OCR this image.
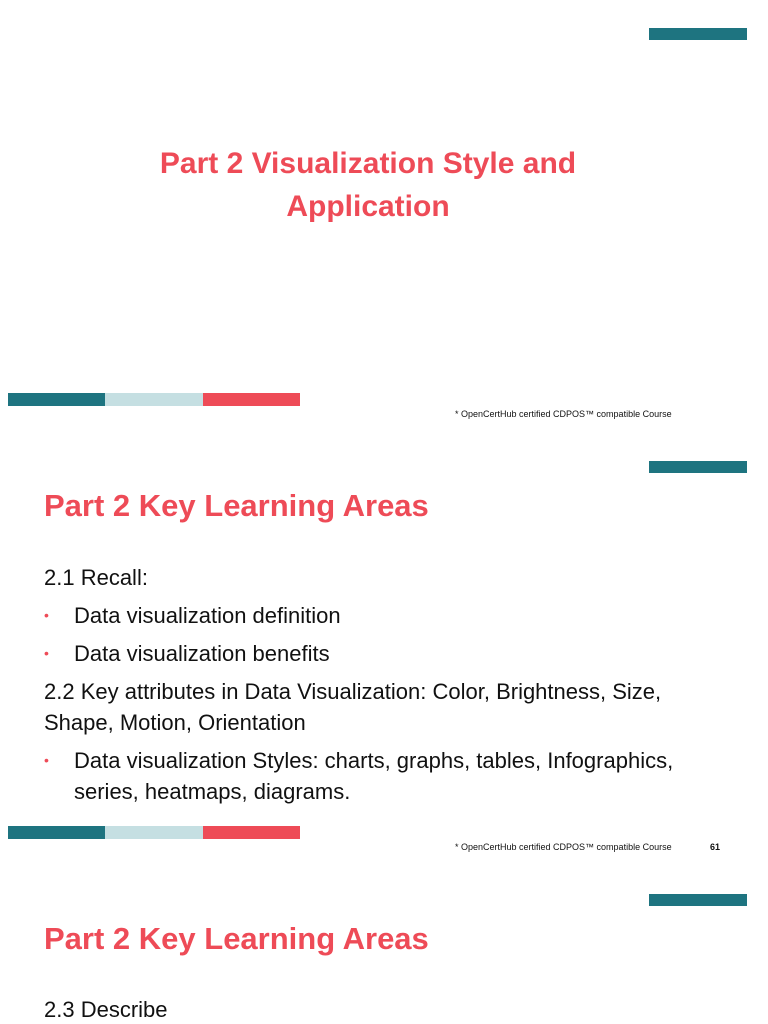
Part 2 Visualization Style and
Application
* OpenCertHub certified CDPOS™ compatible Course
Part 2 Key Learning Areas

2.1 Recall:

• Data visualization definition
• Data visualization benefits

2.2 Key attributes in Data Visualization: Color, Brightness, Size, Shape, Motion, Orientation

• Data visualization Styles: charts, graphs, tables, Infographics, series, heatmaps, diagrams.
* OpenCertHub certified CDPOS™ compatible Course	61
Part 2 Key Learning Areas

2.3 Describe
